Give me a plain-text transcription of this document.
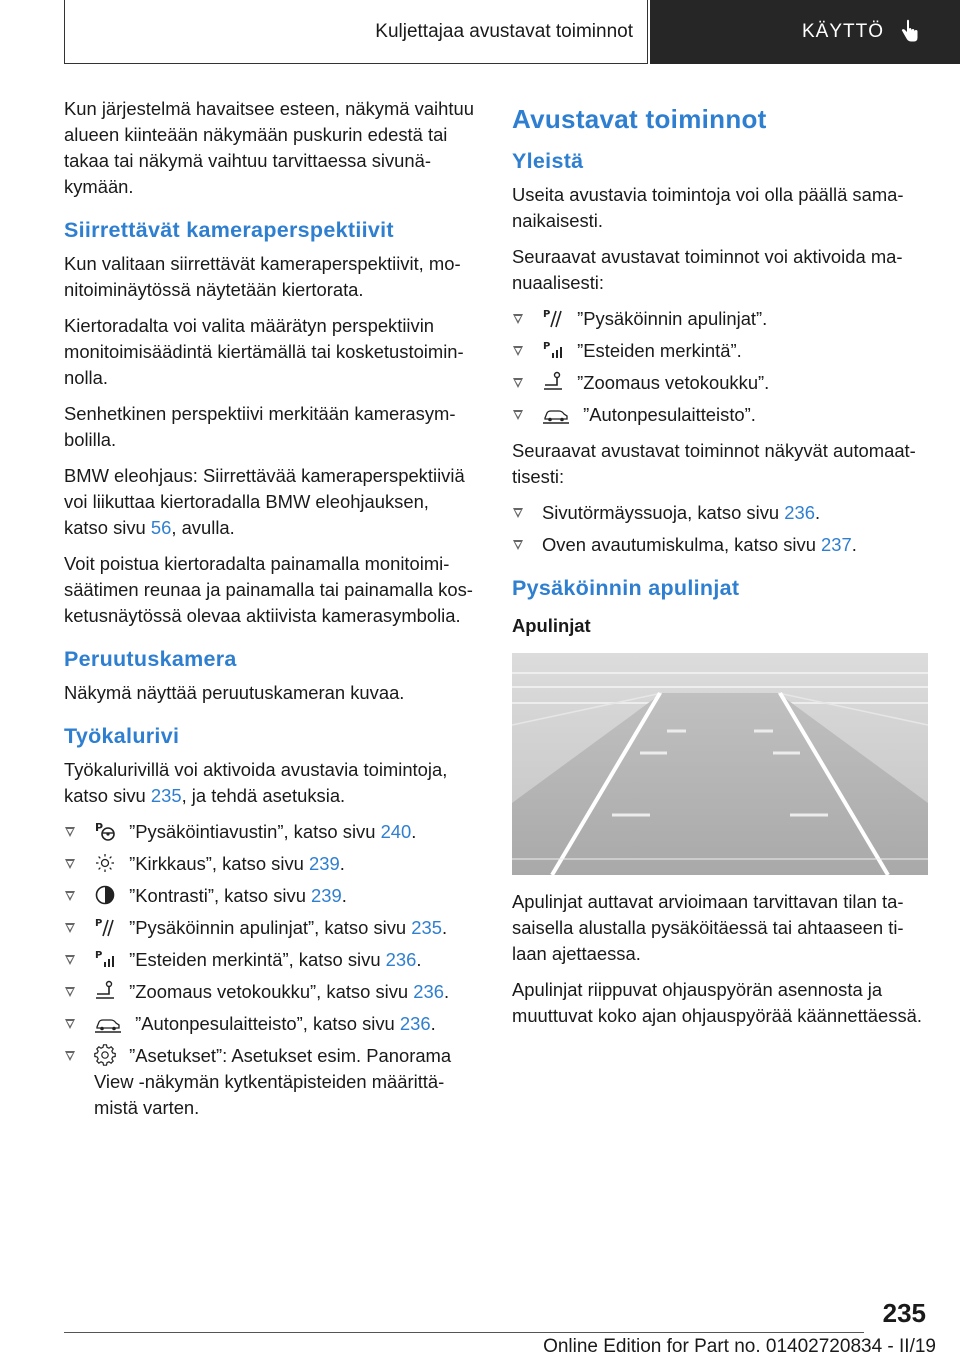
Kuljettajaa avustavat toiminnot	KÄYTTÖ

Kun järjestelmä havaitsee esteen, näkymä vaihtuu alueen kiinteään näkymään puskurin edestä tai takaa tai näkymä vaihtuu tarvittaessa sivunäkymään.

Siirrettävät kameraperspektiivit

Kun valitaan siirrettävät kameraperspektiivit, monitoiminäytössä näytetään kiertorata.

Kiertoradalta voi valita määrätyn perspektiivin monitoimisäädintä kiertämällä tai kosketustoiminnolla.

Senhetkinen perspektiivi merkitään kamerasymbolilla.

BMW eleohjaus: Siirrettävää kameraperspektiiviä voi liikuttaa kiertoradalla BMW eleohjauksen, katso sivu 56, avulla.

Voit poistua kiertoradalta painamalla monitoimisäätimen reunaa ja painamalla tai painamalla kosketusnäytössä olevaa aktiivista kamerasymbolia.

Peruutuskamera

Näkymä näyttää peruutuskameran kuvaa.

Työkalurivi

Työkalurivillä voi aktivoida avustavia toimintoja, katso sivu 235, ja tehdä asetuksia.

P ”Pysäköintiavustin”, katso sivu 240.
”Kirkkaus”, katso sivu 239.
”Kontrasti”, katso sivu 239.
P ”Pysäköinnin apulinjat”, katso sivu 235.
P ”Esteiden merkintä”, katso sivu 236.
”Zoomaus vetokoukku”, katso sivu 236.
”Autonpesulaitteisto”, katso sivu 236.
”Asetukset”: Asetukset esim. Panorama View -näkymän kytkentäpisteiden määrittämistä varten.
Avustavat toiminnot
Yleistä

Useita avustavia toimintoja voi olla päällä samanaikaisesti.

Seuraavat avustavat toiminnot voi aktivoida manuaalisesti:

P ”Pysäköinnin apulinjat”.
P ”Esteiden merkintä”.
”Zoomaus vetokoukku”.
”Autonpesulaitteisto”.

Seuraavat avustavat toiminnot näkyvät automaattisesti:

Sivutörmäyssuoja, katso sivu 236.
Oven avautumiskulma, katso sivu 237.
Pysäköinnin apulinjat
Apulinjat

Apulinjat auttavat arvioimaan tarvittavan tilan tasaisella alustalla pysäköitäessä tai ahtaaseen tilaan ajettaessa.

Apulinjat riippuvat ohjauspyörän asennosta ja muuttuvat koko ajan ohjauspyörää käännettäessä.

235
Online Edition for Part no. 01402720834 - II/19
